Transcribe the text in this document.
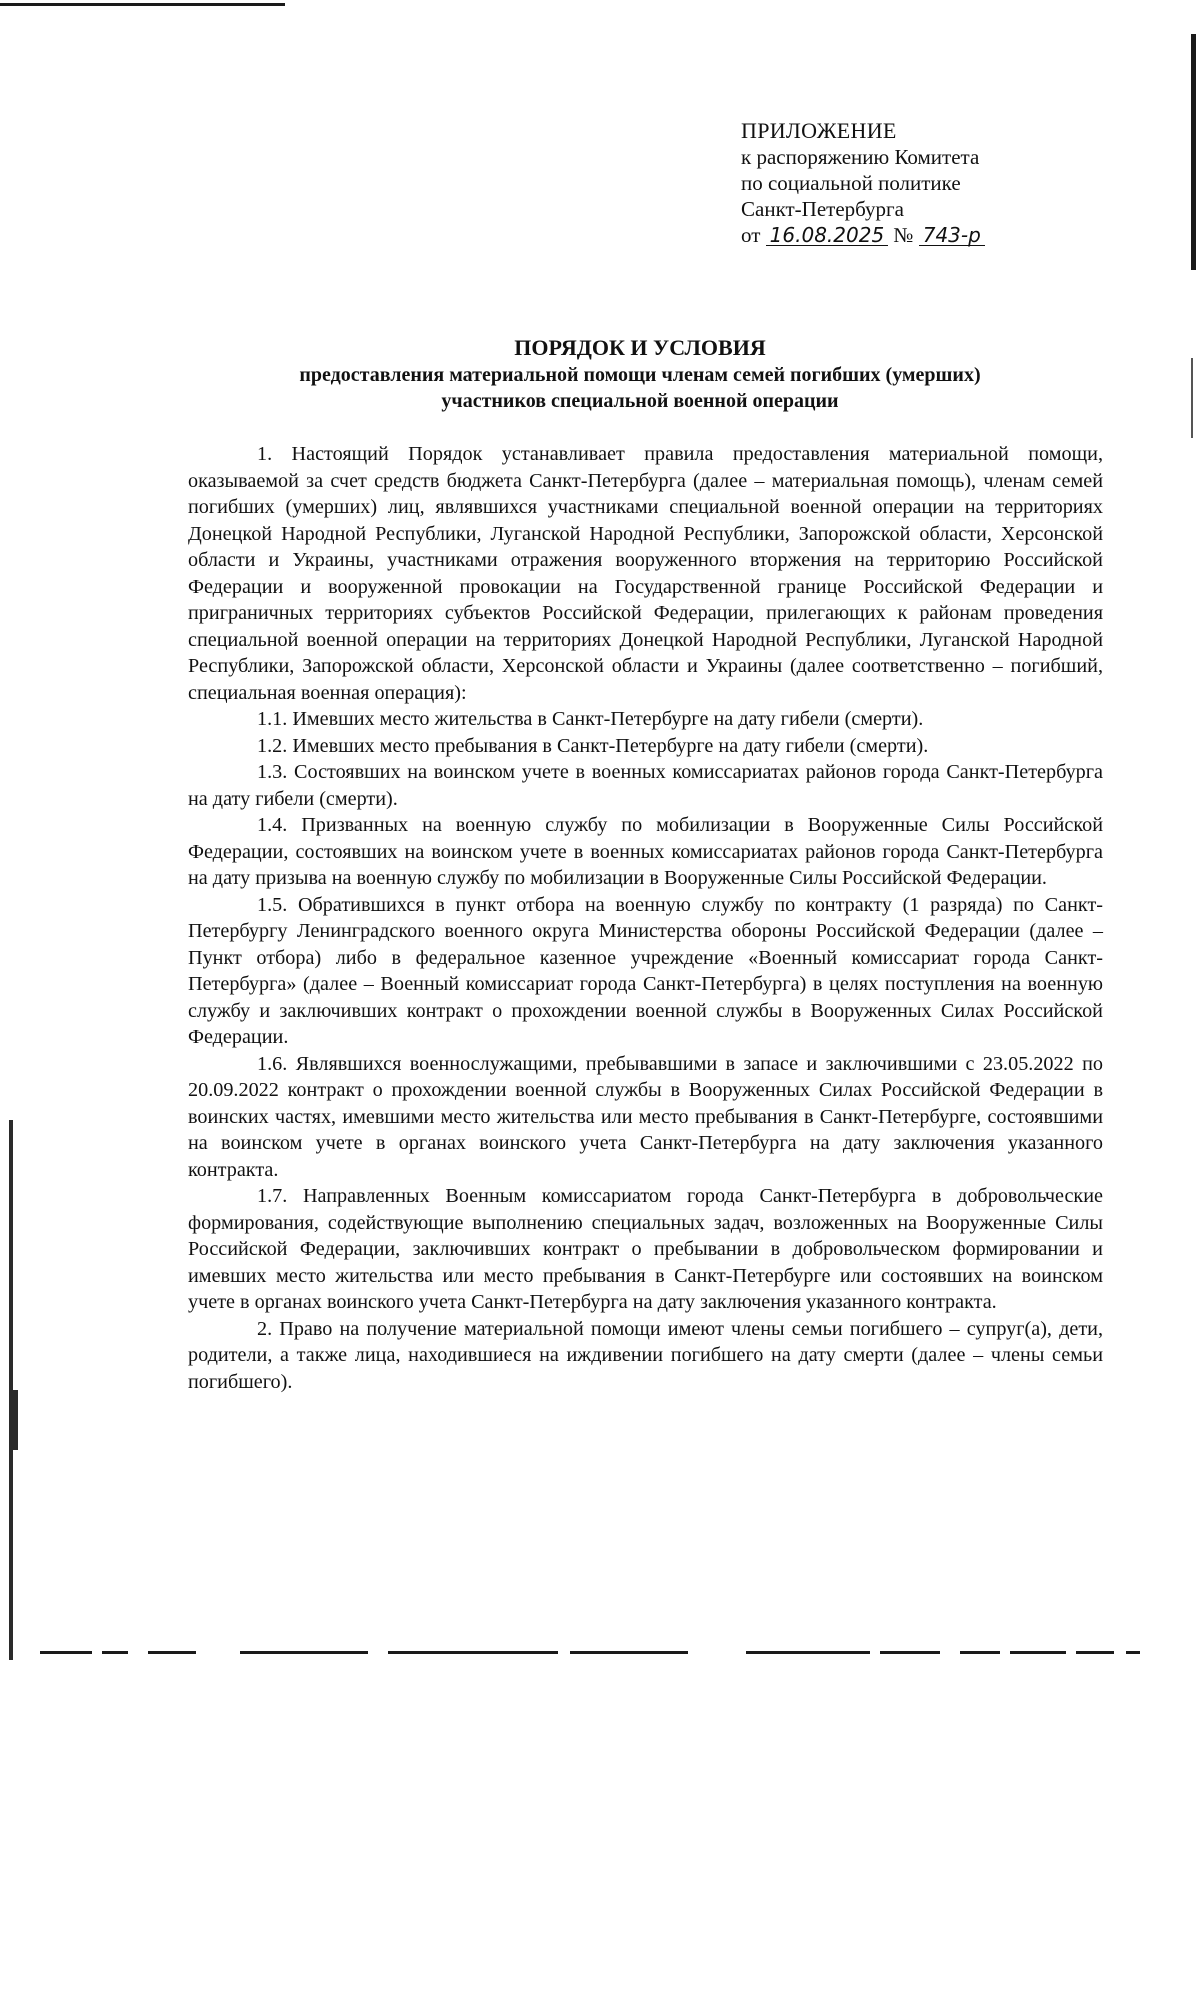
ПРИЛОЖЕНИЕ
к распоряжению Комитета
по социальной политике
Санкт-Петербурга
от 16.08.2025 № 743-р
ПОРЯДОК И УСЛОВИЯ
предоставления материальной помощи членам семей погибших (умерших)
участников специальной военной операции

1. Настоящий Порядок устанавливает правила предоставления материальной помощи, оказываемой за счет средств бюджета Санкт-Петербурга (далее – материальная помощь), членам семей погибших (умерших) лиц, являвшихся участниками специальной военной операции на территориях Донецкой Народной Республики, Луганской Народной Республики, Запорожской области, Херсонской области и Украины, участниками отражения вооруженного вторжения на территорию Российской Федерации и вооруженной провокации на Государственной границе Российской Федерации и приграничных территориях субъектов Российской Федерации, прилегающих к районам проведения специальной военной операции на территориях Донецкой Народной Республики, Луганской Народной Республики, Запорожской области, Херсонской области и Украины (далее соответственно – погибший, специальная военная операция):

1.1. Имевших место жительства в Санкт-Петербурге на дату гибели (смерти).

1.2. Имевших место пребывания в Санкт-Петербурге на дату гибели (смерти).

1.3. Состоявших на воинском учете в военных комиссариатах районов города Санкт-Петербурга на дату гибели (смерти).

1.4. Призванных на военную службу по мобилизации в Вооруженные Силы Российской Федерации, состоявших на воинском учете в военных комиссариатах районов города Санкт-Петербурга на дату призыва на военную службу по мобилизации в Вооруженные Силы Российской Федерации.

1.5. Обратившихся в пункт отбора на военную службу по контракту (1 разряда) по Санкт-Петербургу Ленинградского военного округа Министерства обороны Российской Федерации (далее – Пункт отбора) либо в федеральное казенное учреждение «Военный комиссариат города Санкт-Петербурга» (далее – Военный комиссариат города Санкт-Петербурга) в целях поступления на военную службу и заключивших контракт о прохождении военной службы в Вооруженных Силах Российской Федерации.

1.6. Являвшихся военнослужащими, пребывавшими в запасе и заключившими с 23.05.2022 по 20.09.2022 контракт о прохождении военной службы в Вооруженных Силах Российской Федерации в воинских частях, имевшими место жительства или место пребывания в Санкт-Петербурге, состоявшими на воинском учете в органах воинского учета Санкт-Петербурга на дату заключения указанного контракта.

1.7. Направленных Военным комиссариатом города Санкт-Петербурга в добровольческие формирования, содействующие выполнению специальных задач, возложенных на Вооруженные Силы Российской Федерации, заключивших контракт о пребывании в добровольческом формировании и имевших место жительства или место пребывания в Санкт-Петербурге или состоявших на воинском учете в органах воинского учета Санкт-Петербурга на дату заключения указанного контракта.

2. Право на получение материальной помощи имеют члены семьи погибшего – супруг(а), дети, родители, а также лица, находившиеся на иждивении погибшего на дату смерти (далее – члены семьи погибшего).
